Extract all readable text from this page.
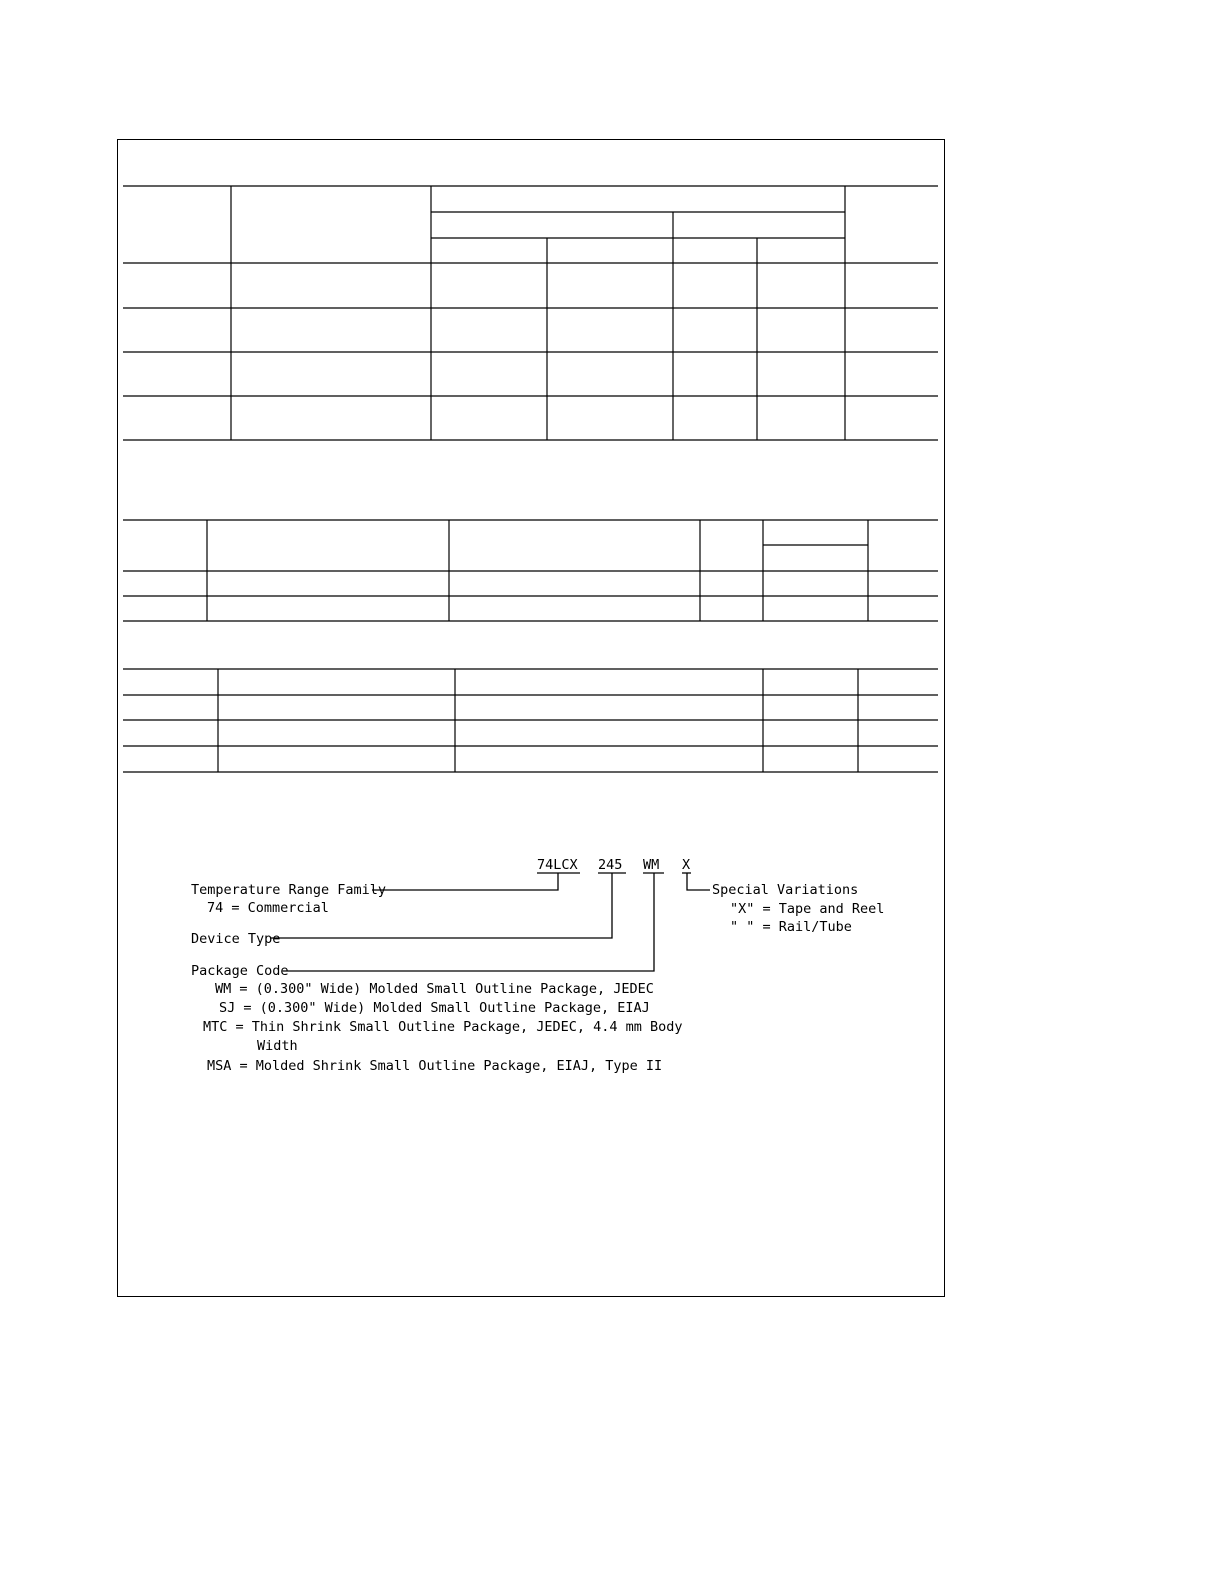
74LCX 245 WM X
Temperature Range Family
74 = Commercial
Device Type
Package Code
WM = (0.300" Wide) Molded Small Outline Package, JEDEC
SJ = (0.300" Wide) Molded Small Outline Package, EIAJ
MTC = Thin Shrink Small Outline Package, JEDEC, 4.4 mm Body
Width
MSA = Molded Shrink Small Outline Package, EIAJ, Type II
Special Variations
"X" = Tape and Reel
" " = Rail/Tube
